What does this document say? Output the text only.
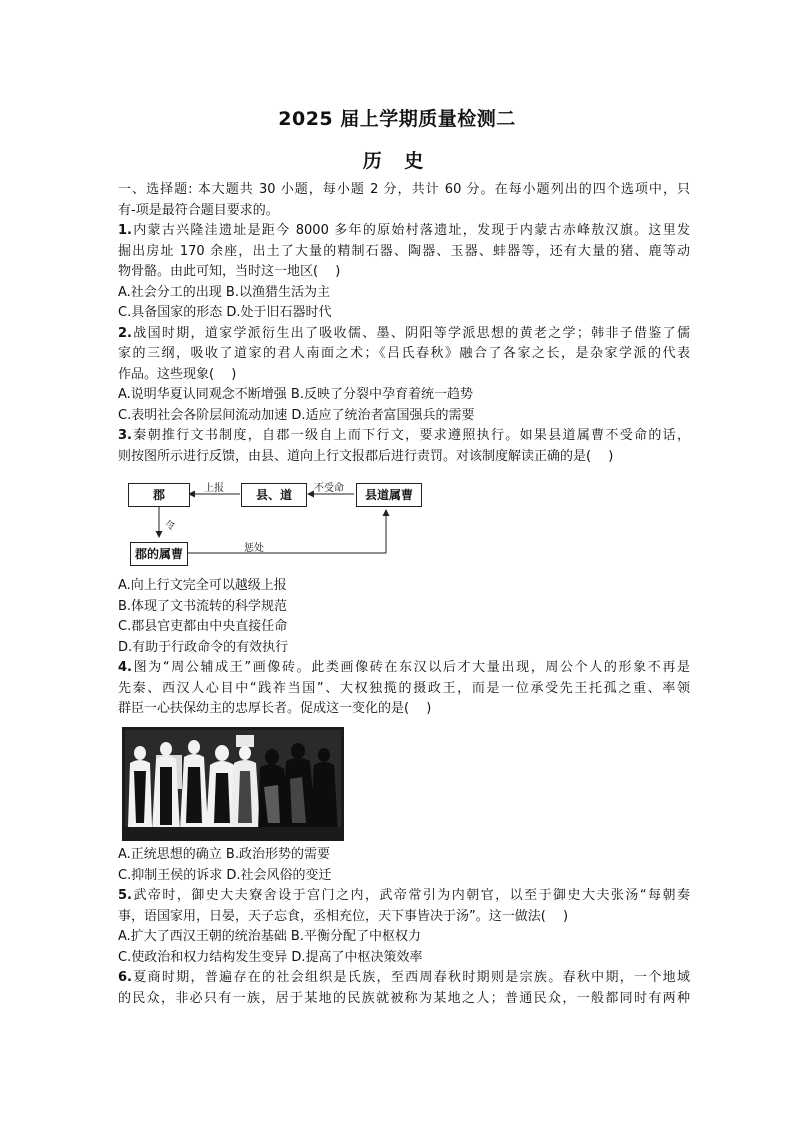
2025 届上学期质量检测二
历 史
一、选择题: 本大题共 30 小题，每小题 2 分，共计 60 分。在每小题列出的四个选项中，只
有-项是最符合题目要求的。
1.内蒙古兴隆洼遗址是距今 8000 多年的原始村落遗址，发现于内蒙古赤峰敖汉旗。这里发
掘出房址 170 余座，出土了大量的精制石器、陶器、玉器、蚌器等，还有大量的猪、鹿等动
物骨骼。由此可知，当时这一地区(　 )
A.社会分工的出现 B.以渔猎生活为主
C.具备国家的形态 D.处于旧石器时代
2.战国时期，道家学派衍生出了吸收儒、墨、阴阳等学派思想的黄老之学；韩非子借鉴了儒
家的三纲，吸收了道家的君人南面之术；《吕氏春秋》融合了各家之长，是杂家学派的代表
作品。这些现象(　 )
A.说明华夏认同观念不断增强 B.反映了分裂中孕育着统一趋势
C.表明社会各阶层间流动加速 D.适应了统治者富国强兵的需要
3.秦朝推行文书制度，自郡一级自上而下行文，要求遵照执行。如果县道属曹不受命的话，
则按图所示进行反馈，由县、道向上行文报郡后进行责罚。对该制度解读正确的是(　 )
郡	县、道	县道属曹
郡的属曹
上报	不受命
令
惩处
A.向上行文完全可以越级上报
B.体现了文书流转的科学规范
C.郡县官吏都由中央直接任命
D.有助于行政命令的有效执行
4.图为“周公辅成王”画像砖。此类画像砖在东汉以后才大量出现，周公个人的形象不再是
先秦、西汉人心目中“践祚当国”、大权独揽的摄政王，而是一位承受先王托孤之重、率领
群臣一心扶保幼主的忠厚长者。促成这一变化的是(　 )
A.正统思想的确立 B.政治形势的需要
C.抑制王侯的诉求 D.社会风俗的变迁
5.武帝时，御史大夫寮舍设于宫门之内，武帝常引为内朝官，以至于御史大夫张汤“每朝奏
事，语国家用，日晏，天子忘食，丞相充位，天下事皆决于汤”。这一做法(　 )
A.扩大了西汉王朝的统治基础 B.平衡分配了中枢权力
C.使政治和权力结构发生变异 D.提高了中枢决策效率
6.夏商时期，普遍存在的社会组织是氏族，至西周春秋时期则是宗族。春秋中期，一个地域
的民众，非必只有一族，居于某地的民族就被称为某地之人；普通民众，一般都同时有两种
